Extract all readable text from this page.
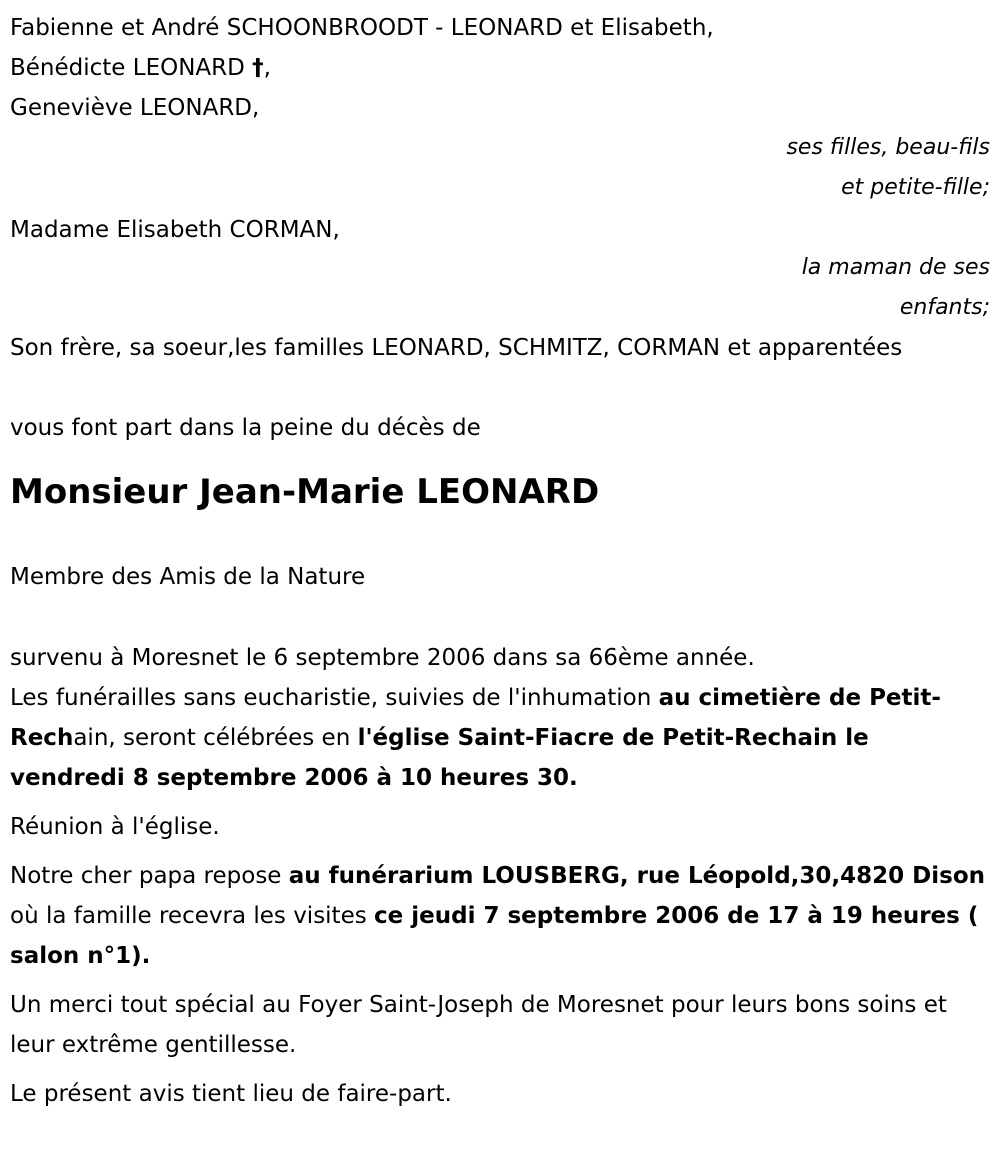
Fabienne et André SCHOONBROODT - LEONARD et Elisabeth,
Bénédicte LEONARD †,
Geneviève LEONARD,
ses filles, beau-fils
et petite-fille;
Madame Elisabeth CORMAN,
la maman de ses
enfants;
Son frère, sa soeur,les familles LEONARD, SCHMITZ, CORMAN et apparentées
vous font part dans la peine du décès de
Monsieur Jean-Marie LEONARD
Membre des Amis de la Nature
survenu à Moresnet le 6 septembre 2006 dans sa 66ème année.
Les funérailles sans eucharistie, suivies de l'inhumation au cimetière de Petit-Rechain, seront célébrées en l'église Saint-Fiacre de Petit-Rechain le vendredi 8 septembre 2006 à 10 heures 30.
Réunion à l'église.
Notre cher papa repose au funérarium LOUSBERG, rue Léopold,30,4820 Dison où la famille recevra les visites ce jeudi 7 septembre 2006 de 17 à 19 heures ( salon n°1).
Un merci tout spécial au Foyer Saint-Joseph de Moresnet pour leurs bons soins et leur extrême gentillesse.
Le présent avis tient lieu de faire-part.
